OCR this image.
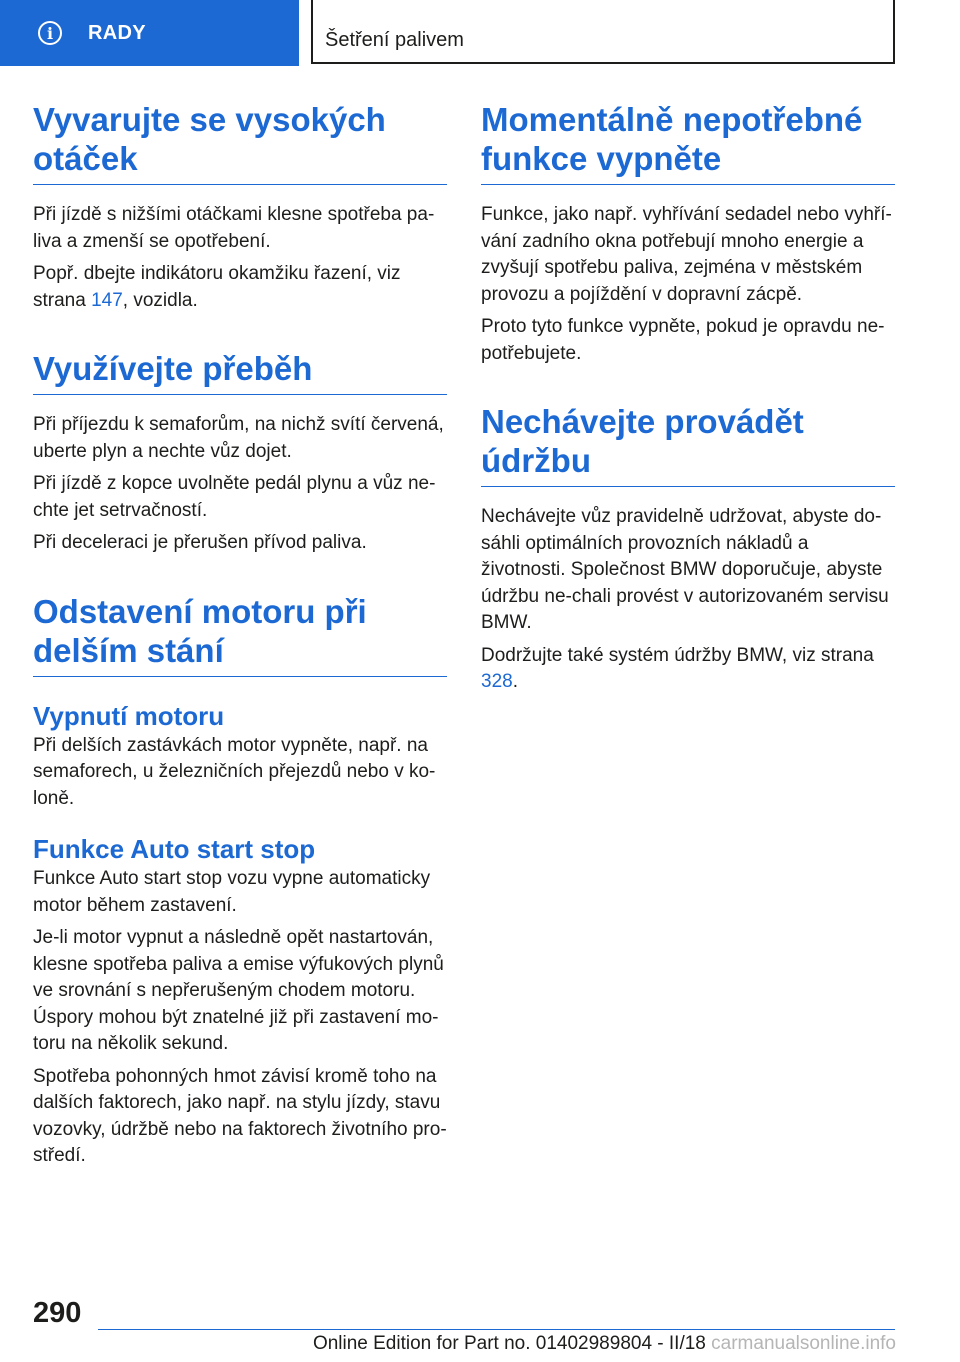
i	RADY	Šetření palivem
Vyvarujte se vysokých otáček

Při jízdě s nižšími otáčkami klesne spotřeba pa-liva a zmenší se opotřebení.

Popř. dbejte indikátoru okamžiku řazení, viz strana 147, vozidla.

Využívejte přeběh

Při příjezdu k semaforům, na nichž svítí červená, uberte plyn a nechte vůz dojet.

Při jízdě z kopce uvolněte pedál plynu a vůz ne-chte jet setrvačností.

Při deceleraci je přerušen přívod paliva.

Odstavení motoru při delším stání
Vypnutí motoru

Při delších zastávkách motor vypněte, např. na semaforech, u železničních přejezdů nebo v ko-loně.

Funkce Auto start stop

Funkce Auto start stop vozu vypne automaticky motor během zastavení.

Je-li motor vypnut a následně opět nastartován, klesne spotřeba paliva a emise výfukových plynů ve srovnání s nepřerušeným chodem motoru. Úspory mohou být znatelné již při zastavení mo-toru na několik sekund.

Spotřeba pohonných hmot závisí kromě toho na dalších faktorech, jako např. na stylu jízdy, stavu vozovky, údržbě nebo na faktorech životního pro-středí.

Momentálně nepotřebné funkce vypněte

Funkce, jako např. vyhřívání sedadel nebo vyhří-vání zadního okna potřebují mnoho energie a zvyšují spotřebu paliva, zejména v městském provozu a pojíždění v dopravní zácpě.

Proto tyto funkce vypněte, pokud je opravdu ne-potřebujete.

Nechávejte provádět údržbu

Nechávejte vůz pravidelně udržovat, abyste do-sáhli optimálních provozních nákladů a životnosti. Společnost BMW doporučuje, abyste údržbu ne-chali provést v autorizovaném servisu BMW.

Dodržujte také systém údržby BMW, viz strana 328.

290
Online Edition for Part no. 01402989804 - II/18 carmanualsonline.info
